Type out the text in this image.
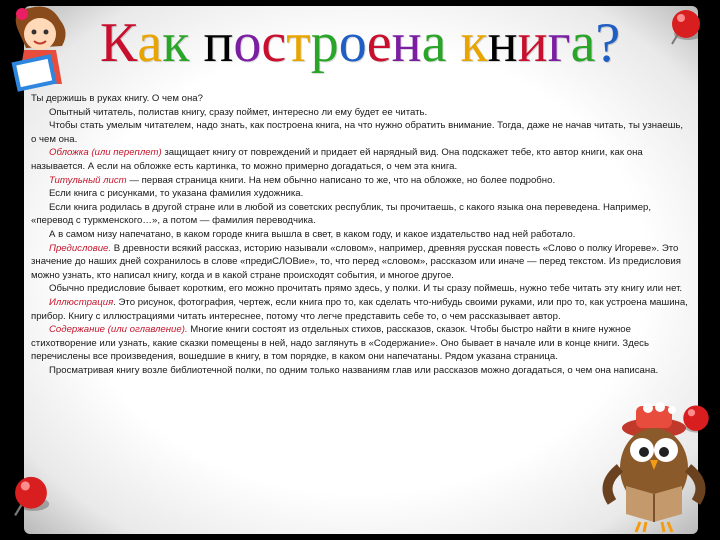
Как построена книга?

Ты держишь в руках книгу. О чем она?

Опытный читатель, полистав книгу, сразу поймет, интересно ли ему будет ее читать.

Чтобы стать умелым читателем, надо знать, как построена книга, на что нужно обратить внимание. Тогда, даже не начав читать, ты узнаешь, о чем она.

Обложка (или переплет) защищает книгу от повреждений и придает ей нарядный вид. Она подскажет тебе, кто автор книги, как она называется. А если на обложке есть картинка, то можно примерно догадаться, о чем эта книга.

Титульный лист — первая страница книги. На нем обычно написано то же, что на обложке, но более подробно.

Если книга с рисунками, то указана фамилия художника.

Если книга родилась в другой стране или в любой из советских республик, ты прочитаешь, с какого языка она переведена. Например, «перевод с туркменского…», а потом — фамилия переводчика.

А в самом низу напечатано, в каком городе книга вышла в свет, в каком году, и какое издательство над ней работало.

Предисловие. В древности всякий рассказ, историю называли «словом», например, древняя русская повесть «Слово о полку Игореве». Это значение до наших дней сохранилось в слове «предиСЛОВие», то, что перед «словом», рассказом или иначе — перед текстом. Из предисловия можно узнать, кто написал книгу, когда и в какой стране происходят события, и многое другое.

Обычно предисловие бывает коротким, его можно прочитать прямо здесь, у полки. И ты сразу поймешь, нужно тебе читать эту книгу или нет.

Иллюстрация. Это рисунок, фотография, чертеж, если книга про то, как сделать что-нибудь своими руками, или про то, как устроена машина, прибор. Книгу с иллюстрациями читать интереснее, потому что легче представить себе то, о чем рассказывает автор.

Содержание (или оглавление). Многие книги состоят из отдельных стихов, рассказов, сказок. Чтобы быстро найти в книге нужное стихотворение или узнать, какие сказки помещены в ней, надо заглянуть в «Содержание». Оно бывает в начале или в конце книги. Здесь перечислены все произведения, вошедшие в книгу, в том порядке, в каком они напечатаны. Рядом указана страница.

Просматривая книгу возле библиотечной полки, по одним только названиям глав или рассказов можно догадаться, о чем она написана.
